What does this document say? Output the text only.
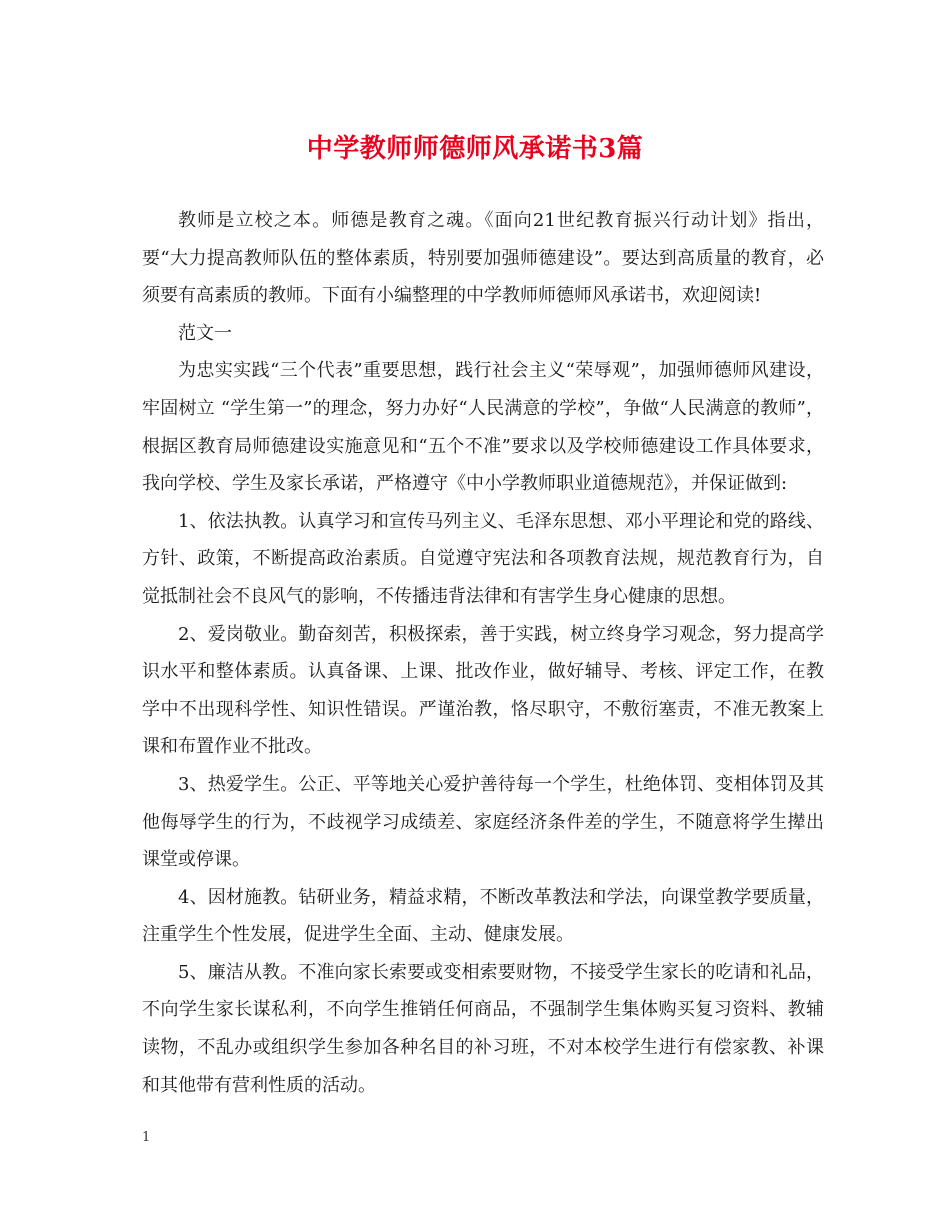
中学教师师德师风承诺书3篇

教师是立校之本。师德是教育之魂。《面向21世纪教育振兴行动计划》指出，要“大力提高教师队伍的整体素质，特别要加强师德建设”。要达到高质量的教育，必须要有高素质的教师。下面有小编整理的中学教师师德师风承诺书，欢迎阅读!

范文一

为忠实实践“三个代表”重要思想，践行社会主义“荣辱观”，加强师德师风建设，牢固树立 “学生第一”的理念，努力办好“人民满意的学校”，争做“人民满意的教师”，根据区教育局师德建设实施意见和“五个不准”要求以及学校师德建设工作具体要求，我向学校、学生及家长承诺，严格遵守《中小学教师职业道德规范》，并保证做到:

1、依法执教。认真学习和宣传马列主义、毛泽东思想、邓小平理论和党的路线、方针、政策，不断提高政治素质。自觉遵守宪法和各项教育法规，规范教育行为，自觉抵制社会不良风气的影响，不传播违背法律和有害学生身心健康的思想。

2、爱岗敬业。勤奋刻苦，积极探索，善于实践，树立终身学习观念，努力提高学识水平和整体素质。认真备课、上课、批改作业，做好辅导、考核、评定工作，在教学中不出现科学性、知识性错误。严谨治教，恪尽职守，不敷衍塞责，不准无教案上课和布置作业不批改。

3、热爱学生。公正、平等地关心爱护善待每一个学生，杜绝体罚、变相体罚及其他侮辱学生的行为，不歧视学习成绩差、家庭经济条件差的学生，不随意将学生撵出课堂或停课。

4、因材施教。钻研业务，精益求精，不断改革教法和学法，向课堂教学要质量，注重学生个性发展，促进学生全面、主动、健康发展。

5、廉洁从教。不准向家长索要或变相索要财物，不接受学生家长的吃请和礼品，不向学生家长谋私利，不向学生推销任何商品，不强制学生集体购买复习资料、教辅读物，不乱办或组织学生参加各种名目的补习班，不对本校学生进行有偿家教、补课和其他带有营利性质的活动。

1
